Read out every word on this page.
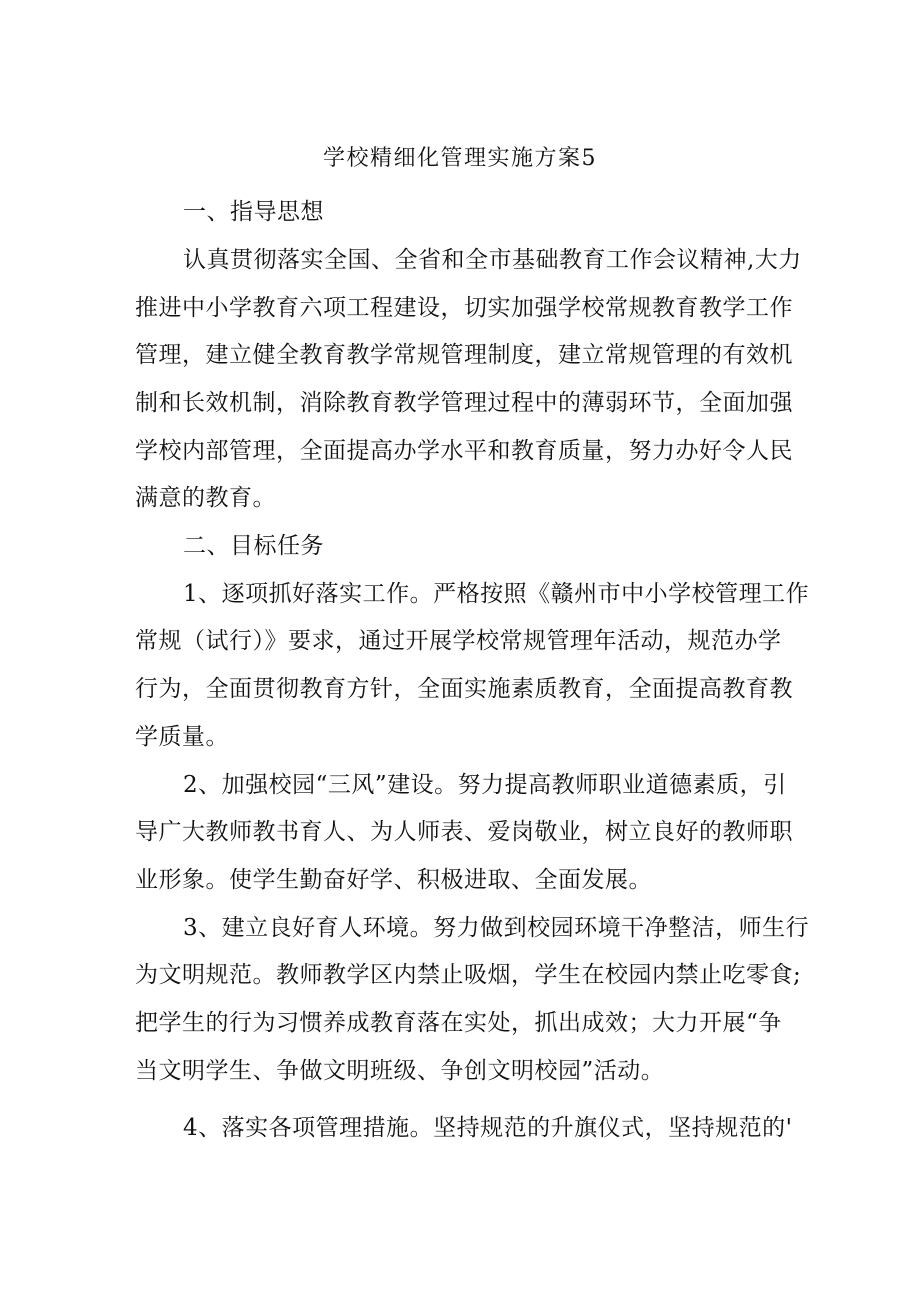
学校精细化管理实施方案5
一、指导思想
认真贯彻落实全国、全省和全市基础教育工作会议精神,大力
推进中小学教育六项工程建设，切实加强学校常规教育教学工作
管理，建立健全教育教学常规管理制度，建立常规管理的有效机
制和长效机制，消除教育教学管理过程中的薄弱环节，全面加强
学校内部管理，全面提高办学水平和教育质量，努力办好令人民
满意的教育。
二、目标任务
1、逐项抓好落实工作。严格按照《赣州市中小学校管理工作
常规（试行）》要求，通过开展学校常规管理年活动，规范办学
行为，全面贯彻教育方针，全面实施素质教育，全面提高教育教
学质量。
2、加强校园“三风”建设。努力提高教师职业道德素质，引
导广大教师教书育人、为人师表、爱岗敬业，树立良好的教师职
业形象。使学生勤奋好学、积极进取、全面发展。
3、建立良好育人环境。努力做到校园环境干净整洁，师生行
为文明规范。教师教学区内禁止吸烟，学生在校园内禁止吃零食;
把学生的行为习惯养成教育落在实处，抓出成效；大力开展“争
当文明学生、争做文明班级、争创文明校园”活动。
4、落实各项管理措施。坚持规范的升旗仪式，坚持规范的'
